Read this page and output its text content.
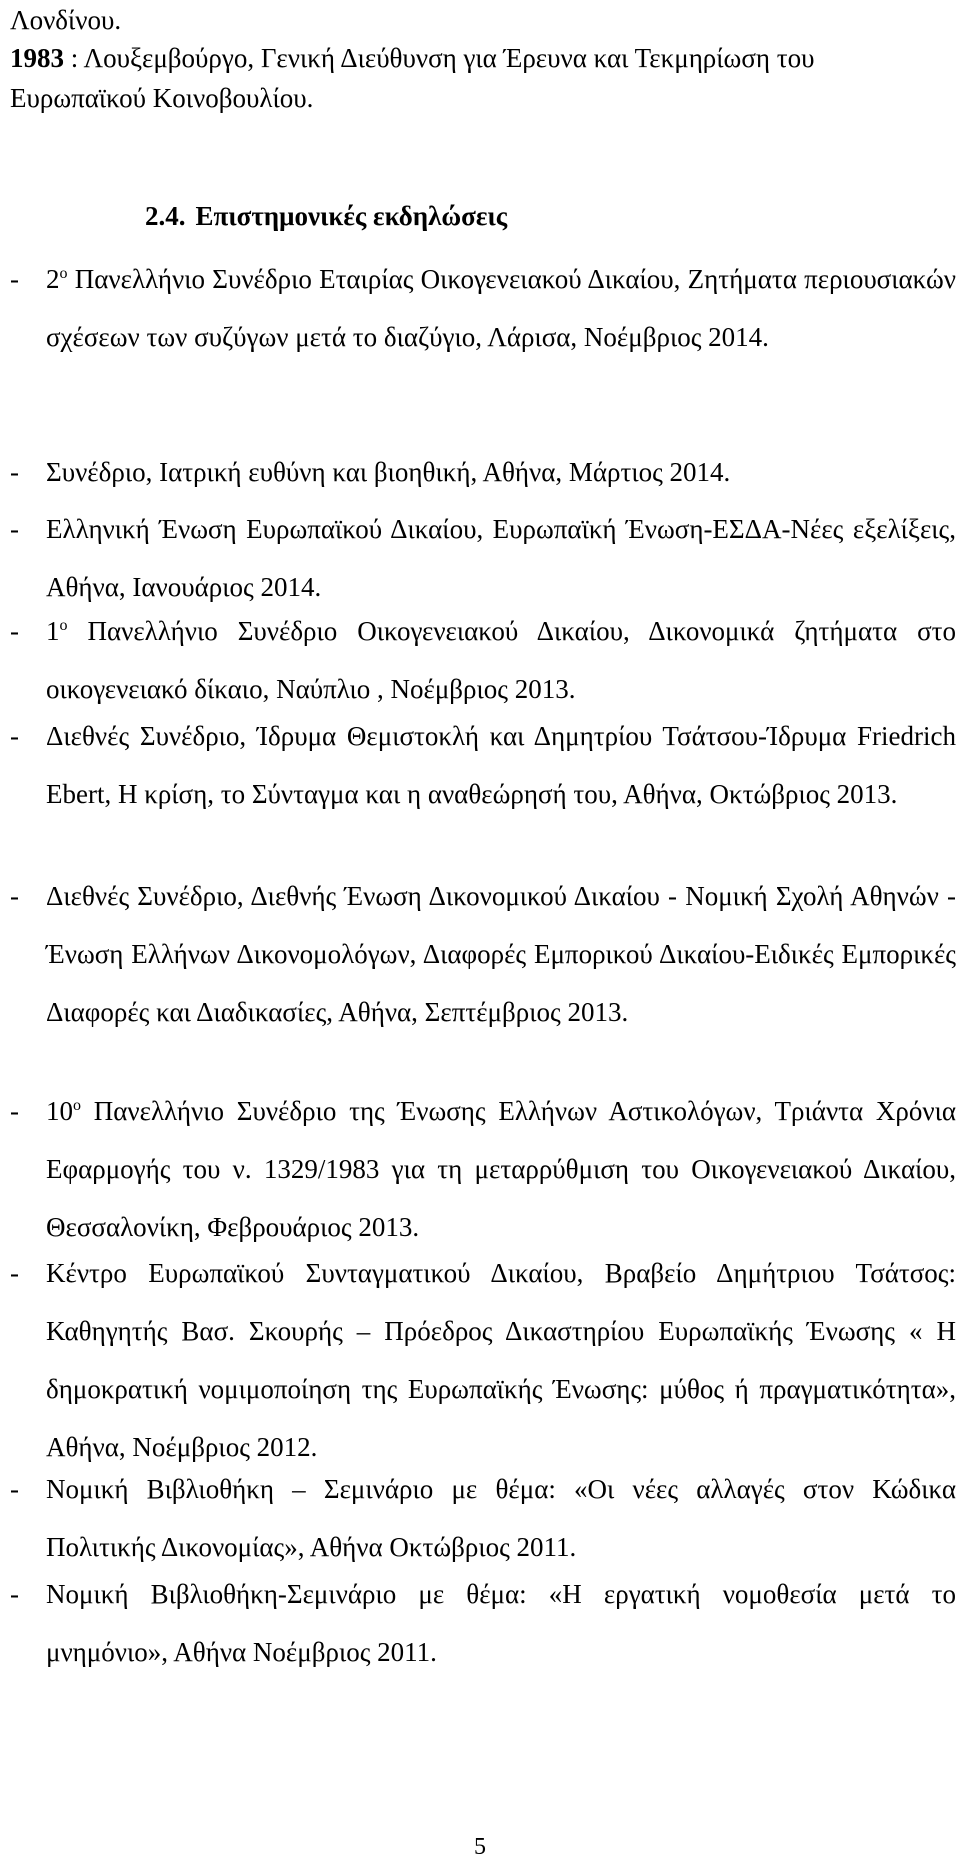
Λονδίνου.
1983 : Λουξεμβούργο, Γενική Διεύθυνση για Έρευνα και Τεκμηρίωση του
Ευρωπαϊκού Κοινοβουλίου.
2.4. Επιστημονικές εκδηλώσεις
- $2^o$ Πανελλήνιο Συνέδριο Εταιρίας Οικογενειακού Δικαίου, Ζητήματα περιουσιακών σχέσεων των συζύγων μετά το διαζύγιο, Λάρισα, Νοέμβριος 2014.
- Συνέδριο, Ιατρική ευθύνη και βιοηθική, Αθήνα, Μάρτιος 2014.
- Ελληνική Ένωση Ευρωπαϊκού Δικαίου, Ευρωπαϊκή Ένωση-ΕΣΔΑ-Νέες εξελίξεις, Αθήνα, Ιανουάριος 2014.
- $1^o$ Πανελλήνιο Συνέδριο Οικογενειακού Δικαίου, Δικονομικά ζητήματα στο οικογενειακό δίκαιο, Ναύπλιο , Νοέμβριος 2013.
- Διεθνές Συνέδριο, Ίδρυμα Θεμιστοκλή και Δημητρίου Τσάτσου-Ίδρυμα Friedrich Ebert, Η κρίση, το Σύνταγμα και η αναθεώρησή του, Αθήνα, Οκτώβριος 2013.
- Διεθνές Συνέδριο, Διεθνής Ένωση Δικονομικού Δικαίου - Νομική Σχολή Αθηνών - Ένωση Ελλήνων Δικονομολόγων, Διαφορές Εμπορικού Δικαίου-Ειδικές Εμπορικές Διαφορές και Διαδικασίες, Αθήνα, Σεπτέμβριος 2013.
- $10^o$ Πανελλήνιο Συνέδριο της Ένωσης Ελλήνων Αστικολόγων, Τριάντα Χρόνια Εφαρμογής του ν. 1329/1983 για τη μεταρρύθμιση του Οικογενειακού Δικαίου, Θεσσαλονίκη, Φεβρουάριος 2013.
- Κέντρο Ευρωπαϊκού Συνταγματικού Δικαίου, Βραβείο Δημήτριου Τσάτσος: Καθηγητής Βασ. Σκουρής – Πρόεδρος Δικαστηρίου Ευρωπαϊκής Ένωσης « Η δημοκρατική νομιμοποίηση της Ευρωπαϊκής Ένωσης: μύθος ή πραγματικότητα», Αθήνα, Νοέμβριος 2012.
- Νομική Βιβλιοθήκη – Σεμινάριο με θέμα: «Οι νέες αλλαγές στον Κώδικα Πολιτικής Δικονομίας», Αθήνα Οκτώβριος 2011.
- Νομική Βιβλιοθήκη-Σεμινάριο με θέμα: «Η εργατική νομοθεσία μετά το μνημόνιο», Αθήνα Νοέμβριος 2011.
5
